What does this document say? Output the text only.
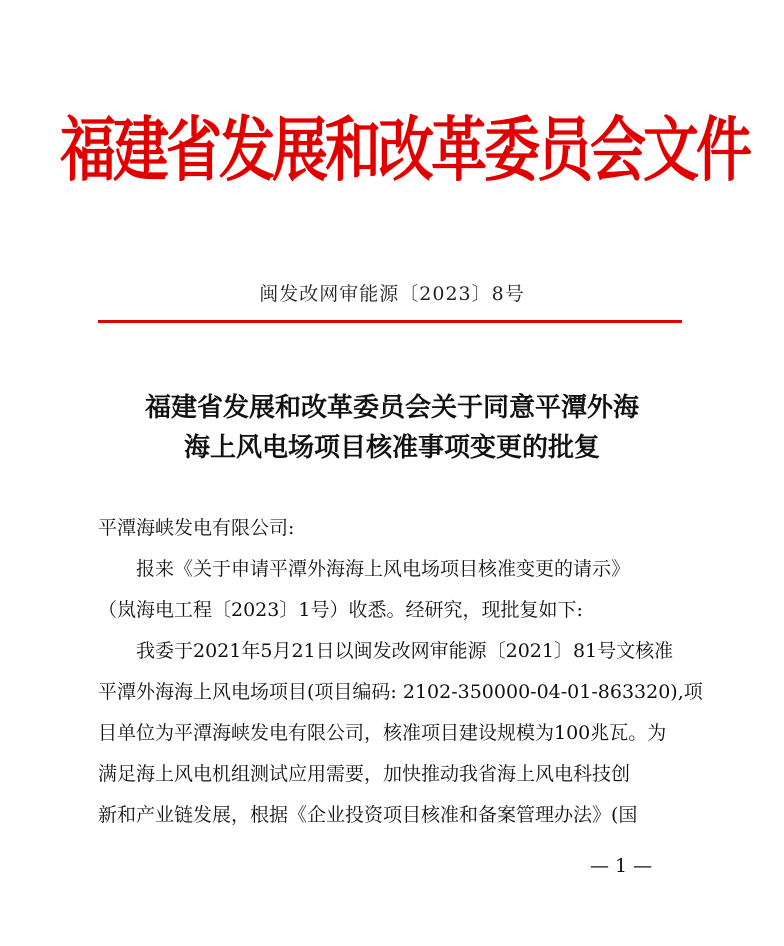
福建省发展和改革委员会文件
闽发改网审能源〔2023〕8号
福建省发展和改革委员会关于同意平潭外海
海上风电场项目核准事项变更的批复
平潭海峡发电有限公司:
报来《关于申请平潭外海海上风电场项目核准变更的请示》
（岚海电工程〔2023〕1号）收悉。经研究，现批复如下:
我委于2021年5月21日以闽发改网审能源〔2021〕81号文核准
平潭外海海上风电场项目(项目编码: 2102-350000-04-01-863320),项
目单位为平潭海峡发电有限公司，核准项目建设规模为100兆瓦。为
满足海上风电机组测试应用需要，加快推动我省海上风电科技创
新和产业链发展，根据《企业投资项目核准和备案管理办法》(国
— 1 —
